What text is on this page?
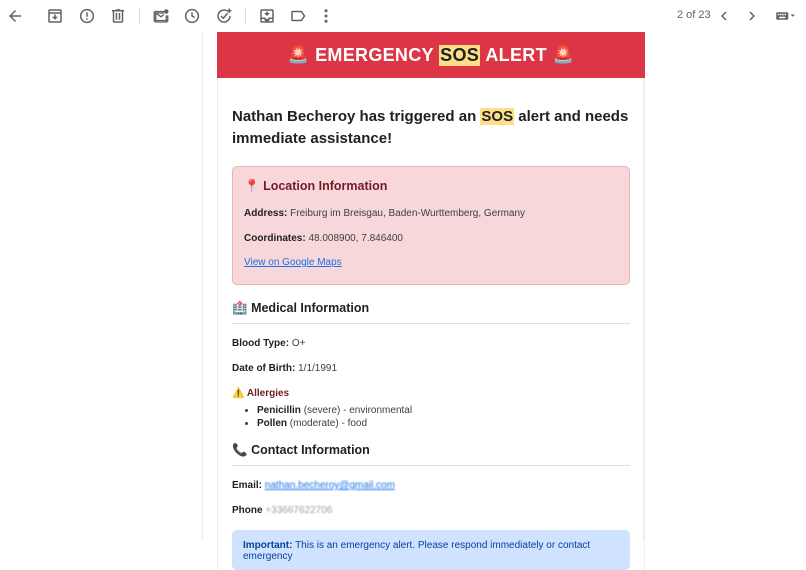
2 of 23
🚨 EMERGENCY
SOS
ALERT 🚨
Nathan Becheroy has triggered an SOS alert and needs immediate assistance!
📍 Location Information
Address: Freiburg im Breisgau, Baden-Wurttemberg, Germany
Coordinates: 48.008900, 7.846400
View on Google Maps
🏥 Medical Information
Blood Type: O+
Date of Birth: 1/1/1991
⚠️ Allergies
• Penicillin (severe) - environmental
• Pollen (moderate) - food
📞 Contact Information
Email: nathan.becheroy@gmail.com
Phone +33667622706
Important: This is an emergency alert. Please respond immediately or contact emergency
